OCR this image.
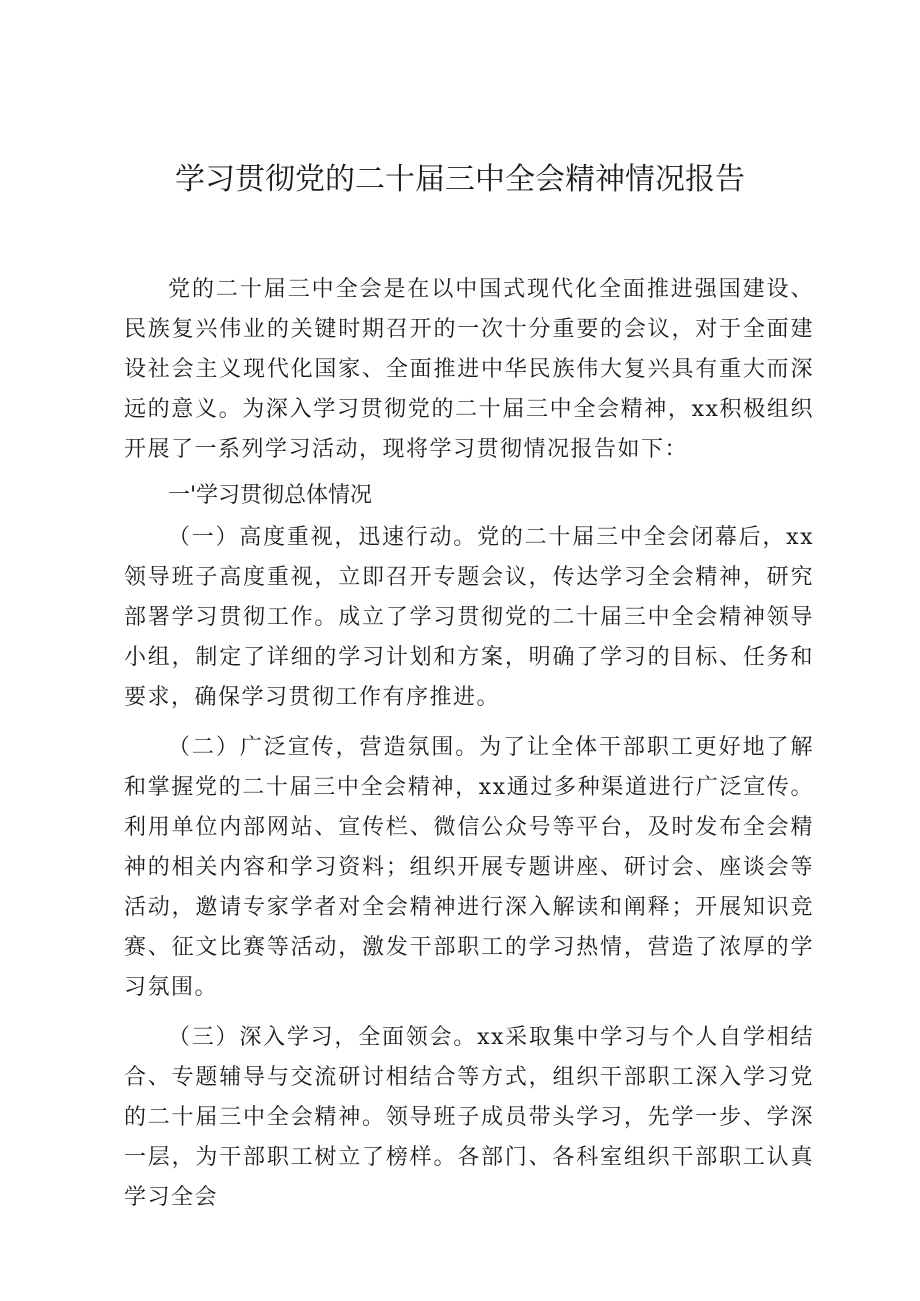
学习贯彻党的二十届三中全会精神情况报告

党的二十届三中全会是在以中国式现代化全面推进强国建设、民族复兴伟业的关键时期召开的一次十分重要的会议，对于全面建设社会主义现代化国家、全面推进中华民族伟大复兴具有重大而深远的意义。为深入学习贯彻党的二十届三中全会精神，xx积极组织开展了一系列学习活动，现将学习贯彻情况报告如下：

一'学习贯彻总体情况

（一）高度重视，迅速行动。党的二十届三中全会闭幕后，xx领导班子高度重视，立即召开专题会议，传达学习全会精神，研究部署学习贯彻工作。成立了学习贯彻党的二十届三中全会精神领导小组，制定了详细的学习计划和方案，明确了学习的目标、任务和要求，确保学习贯彻工作有序推进。

（二）广泛宣传，营造氛围。为了让全体干部职工更好地了解和掌握党的二十届三中全会精神，xx通过多种渠道进行广泛宣传。利用单位内部网站、宣传栏、微信公众号等平台，及时发布全会精神的相关内容和学习资料；组织开展专题讲座、研讨会、座谈会等活动，邀请专家学者对全会精神进行深入解读和阐释；开展知识竞赛、征文比赛等活动，激发干部职工的学习热情，营造了浓厚的学习氛围。

（三）深入学习，全面领会。xx采取集中学习与个人自学相结合、专题辅导与交流研讨相结合等方式，组织干部职工深入学习党的二十届三中全会精神。领导班子成员带头学习，先学一步、学深一层，为干部职工树立了榜样。各部门、各科室组织干部职工认真学习全会
